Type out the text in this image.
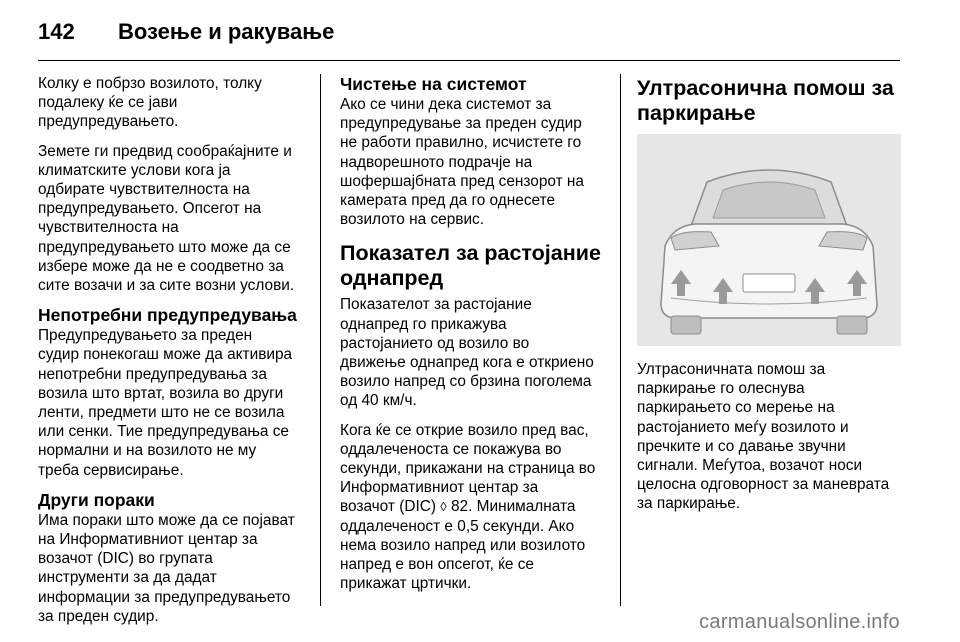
142	Возење и ракување

Колку е побрзо возилото, толку
подалеку ќе се јави
предупредувањето.

Земете ги предвид сообраќајните и
климатските услови кога ја
одбирате чувствителноста на
предупредувањето. Опсегот на
чувствителноста на
предупредувањето што може да се
избере може да не е соодветно за
сите возачи и за сите возни услови.

Непотребни предупредувања

Предупредувањето за преден
судир понекогаш може да активира
непотребни предупредувања за
возила што вртат, возила во други
ленти, предмети што не се возила
или сенки. Тие предупредувања се
нормални и на возилото не му
треба сервисирање.

Други пораки

Има пораки што може да се појават
на Информативниот центар за
возачот (DIC) во групата
инструменти за да дадат
информации за предупредувањето
за преден судир.

Чистење на системот

Ако се чини дека системот за
предупредување за преден судир
не работи правилно, исчистете го
надворешното подрачје на
шофершајбната пред сензорот на
камерата пред да го однесете
возилото на сервис.

Показател за растојание
однапред

Показателот за растојание
однапред го прикажува
растојанието од возило во
движење однапред кога е откриено
возило напред со брзина поголема
од 40 км/ч.

Кога ќе се открие возило пред вас,
оддалеченоста се покажува во
секунди, прикажани на страница во
Информативниот центар за
возачот (DIC) ◊ 82. Минималната
оддалеченост е 0,5 секунди. Ако
нема возило напред или возилото
напред е вон опсегот, ќе се
прикажат цртички.

Ултрасонична помош за
паркирање

Ултрасоничната помош за
паркирање го олеснува
паркирањето со мерење на
растојанието меѓу возилото и
пречките и со давање звучни
сигнали. Меѓутоа, возачот носи
целосна одговорност за маневрата
за паркирање.

carmanualsonline.info
